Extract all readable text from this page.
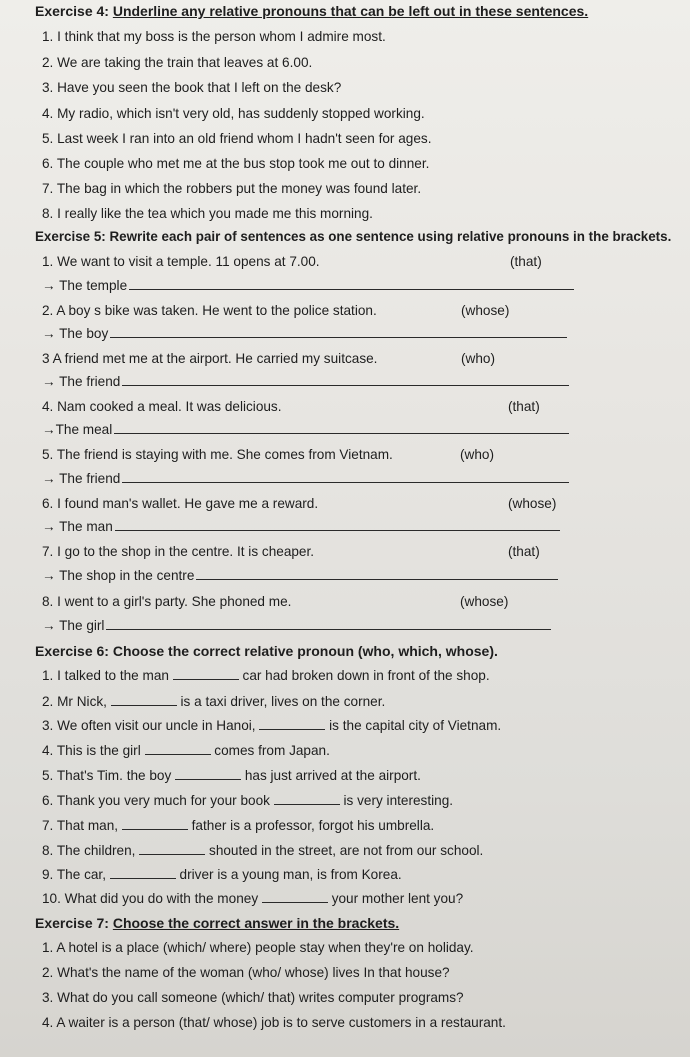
Exercise 4: Underline any relative pronouns that can be left out in these sentences.
1. I think that my boss is the person whom I admire most.
2. We are taking the train that leaves at 6.00.
3. Have you seen the book that I left on the desk?
4. My radio, which isn't very old, has suddenly stopped working.
5. Last week I ran into an old friend whom I hadn't seen for ages.
6. The couple who met me at the bus stop took me out to dinner.
7. The bag in which the robbers put the money was found later.
8. I really like the tea which you made me this morning.
Exercise 5: Rewrite each pair of sentences as one sentence using relative pronouns in the brackets.
1. We want to visit a temple. 11 opens at 7.00.	(that)
→ The temple
2. A boy s bike was taken. He went to the police station.	(whose)
→ The boy
3 A friend met me at the airport. He carried my suitcase.	(who)
→ The friend
4. Nam cooked a meal. It was delicious.	(that)
→The meal
5. The friend is staying with me. She comes from Vietnam.	(who)
→ The friend
6. I found man's wallet. He gave me a reward.	(whose)
→ The man
7. I go to the shop in the centre. It is cheaper.	(that)
→ The shop in the centre
8. I went to a girl's party. She phoned me.	(whose)
→ The girl
Exercise 6: Choose the correct relative pronoun (who, which, whose).
1. I talked to the man	car had broken down in front of the shop.
2. Mr Nick,	is a taxi driver, lives on the corner.
3. We often visit our uncle in Hanoi,	is the capital city of Vietnam.
4. This is the girl	comes from Japan.
5. That's Tim. the boy	has just arrived at the airport.
6. Thank you very much for your book	is very interesting.
7. That man,	father is a professor, forgot his umbrella.
8. The children,	shouted in the street, are not from our school.
9. The car,	driver is a young man, is from Korea.
10. What did you do with the money	your mother lent you?
Exercise 7: Choose the correct answer in the brackets.
1. A hotel is a place (which/ where) people stay when they're on holiday.
2. What's the name of the woman (who/ whose) lives In that house?
3. What do you call someone (which/ that) writes computer programs?
4. A waiter is a person (that/ whose) job is to serve customers in a restaurant.
